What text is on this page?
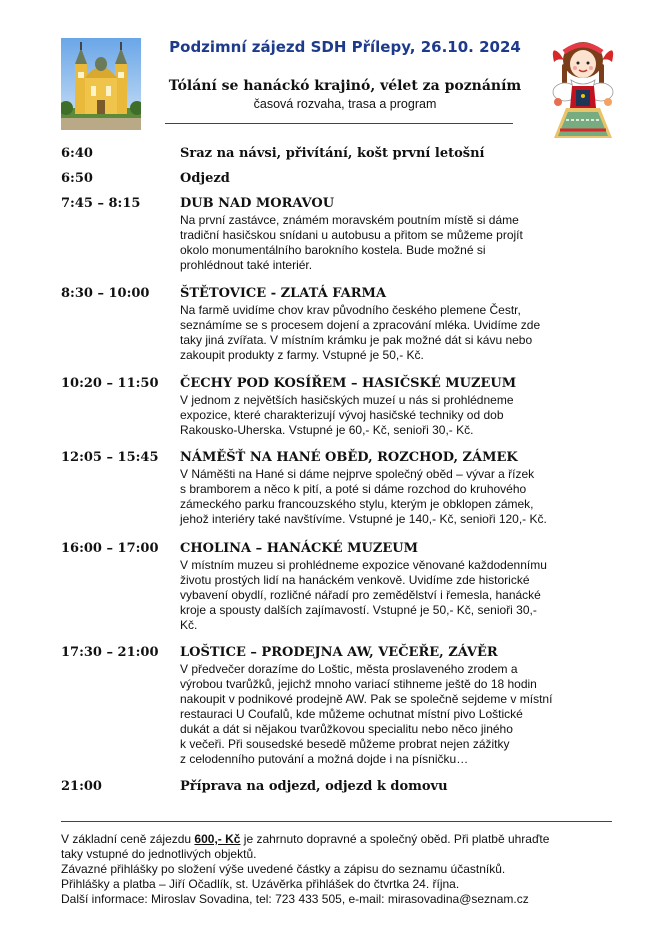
Podzimní zájezd SDH Přílepy, 26.10. 2024
Tólání se hanáckó krajinó, vélet za poznáním
časová rozvaha, trasa a program
6:40	Sraz na návsi, přivítání, košt první letošní
6:50	Odjezd
7:45 – 8:15	DUB NAD MORAVOU
Na první zastávce, známém moravském poutním místě si dáme
tradiční hasičskou snídani u autobusu a přitom se můžeme projít
okolo monumentálního barokního kostela. Bude možné si
prohlédnout také interiér.
8:30 – 10:00 ŠTĚTOVICE - ZLATÁ FARMA
Na farmě uvidíme chov krav původního českého plemene Čestr,
seznámíme se s procesem dojení a zpracování mléka. Uvidíme zde
taky jiná zvířata. V místním krámku je pak možné dát si kávu nebo
zakoupit produkty z farmy. Vstupné je 50,- Kč.
10:20 – 11:50 ČECHY POD KOSÍŘEM – HASIČSKÉ MUZEUM
V jednom z největších hasičských muzeí u nás si prohlédneme
expozice, které charakterizují vývoj hasičské techniky od dob
Rakousko-Uherska. Vstupné je 60,- Kč, senioři 30,- Kč.
12:05 – 15:45 NÁMĚŠŤ NA HANÉ OBĚD, ROZCHOD, ZÁMEK
V Náměšti na Hané si dáme nejprve společný oběd – vývar a řízek
s bramborem a něco k pití, a poté si dáme rozchod do kruhového
zámeckého parku francouzského stylu, kterým je obklopen zámek,
jehož interiéry také navštívíme. Vstupné je 140,- Kč, senioři 120,- Kč.
16:00 – 17:00 CHOLINA – HANÁCKÉ MUZEUM
V místním muzeu si prohlédneme expozice věnované každodennímu
životu prostých lidí na hanáckém venkově. Uvidíme zde historické
vybavení obydlí, rozličné nářadí pro zemědělství i řemesla, hanácké
kroje a spousty dalších zajímavostí. Vstupné je 50,- Kč, senioři 30,-
Kč.
17:30 – 21:00 LOŠTICE – PRODEJNA AW, VEČEŘE, ZÁVĚR
V předvečer dorazíme do Loštic, města proslaveného zrodem a
výrobou tvarůžků, jejichž mnoho variací stihneme ještě do 18 hodin
nakoupit v podnikové prodejně AW. Pak se společně sejdeme v místní
restauraci U Coufalů, kde můžeme ochutnat místní pivo Loštické
dukát a dát si nějakou tvarůžkovou specialitu nebo něco jiného
k večeři. Při sousedské besedě můžeme probrat nejen zážitky
z celodenního putování a možná dojde i na písničku…
21:00	Příprava na odjezd, odjezd k domovu
V základní ceně zájezdu 600,- Kč je zahrnuto dopravné a společný oběd. Při platbě uhraďte
taky vstupné do jednotlivých objektů.
Závazné přihlášky po složení výše uvedené částky a zápisu do seznamu účastníků.
Přihlášky a platba – Jiří Očadlík, st. Uzávěrka přihlášek do čtvrtka 24. října.
Další informace: Miroslav Sovadina, tel: 723 433 505, e-mail: mirasovadina@seznam.cz
